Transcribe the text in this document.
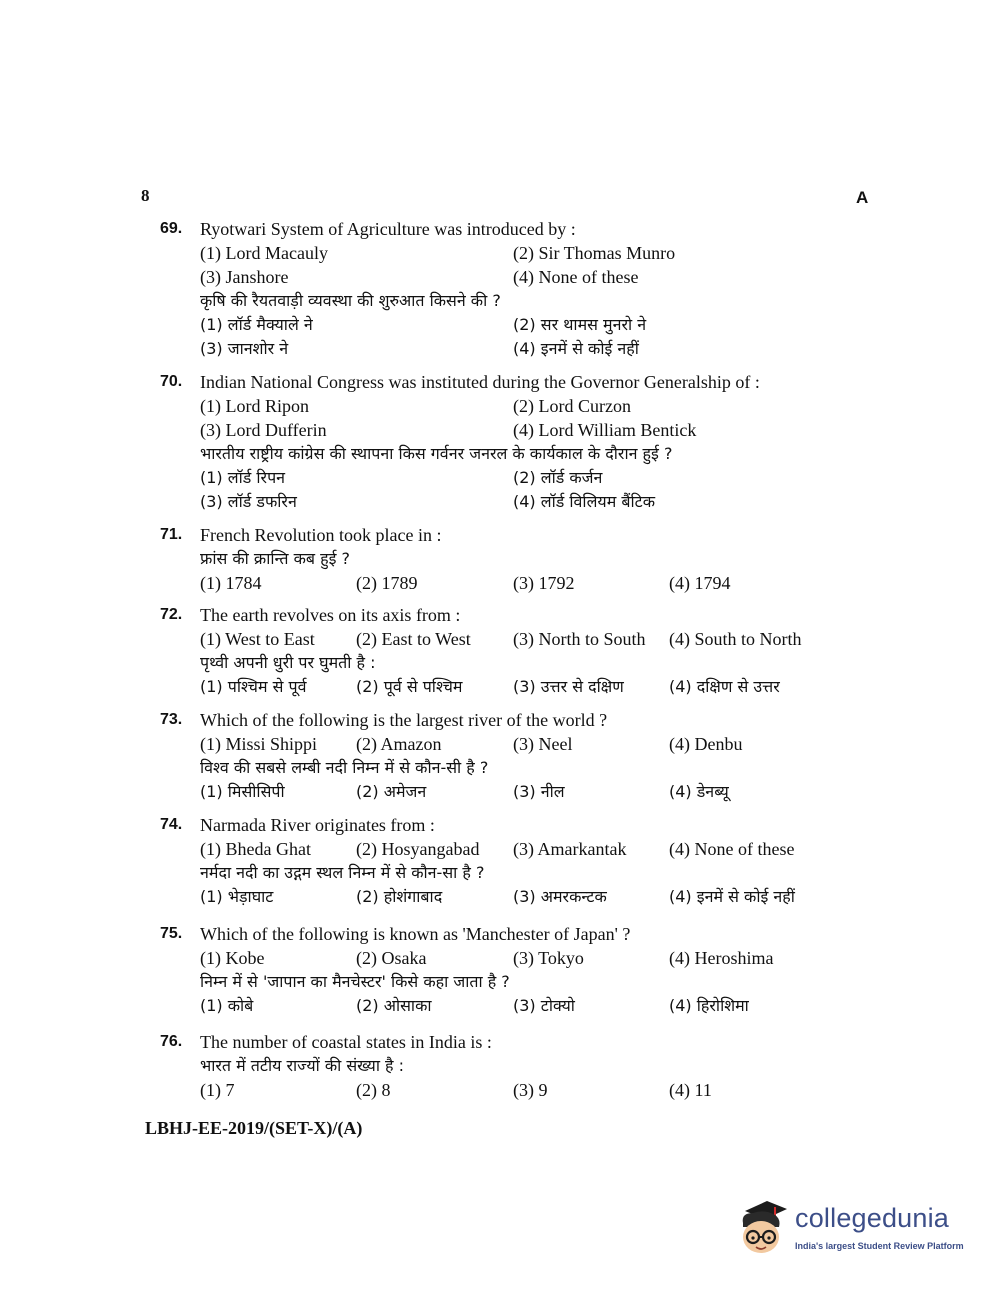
8	A
69. Ryotwari System of Agriculture was introduced by :
(1) Lord Macauly	(2) Sir Thomas Munro
(3) Janshore	(4) None of these
कृषि की रैयतवाड़ी व्यवस्था की शुरुआत किसने की ?
(1) लॉर्ड मैक्याले ने	(2) सर थामस मुनरो ने
(3) जानशोर ने	(4) इनमें से कोई नहीं
70. Indian National Congress was instituted during the Governor Generalship of :
(1) Lord Ripon	(2) Lord Curzon
(3) Lord Dufferin	(4) Lord William Bentick
भारतीय राष्ट्रीय कांग्रेस की स्थापना किस गर्वनर जनरल के कार्यकाल के दौरान हुई ?
(1) लॉर्ड रिपन	(2) लॉर्ड कर्जन
(3) लॉर्ड डफरिन	(4) लॉर्ड विलियम बैंटिक
71. French Revolution took place in :
फ्रांस की क्रान्ति कब हुई ?
(1) 1784	(2) 1789	(3) 1792	(4) 1794
72. The earth revolves on its axis from :
(1) West to East (2) East to West (3) North to South (4) South to North
पृथ्वी अपनी धुरी पर घुमती है :
(1) पश्चिम से पूर्व	(2) पूर्व से पश्चिम	(3) उत्तर से दक्षिण	(4) दक्षिण से उत्तर
73. Which of the following is the largest river of the world ?
(1) Missi Shippi (2) Amazon	(3) Neel	(4) Denbu
विश्व की सबसे लम्बी नदी निम्न में से कौन-सी है ?
(1) मिसीसिपी	(2) अमेजन	(3) नील	(4) डेनब्यू
74. Narmada River originates from :
(1) Bheda Ghat	(2) Hosyangabad (3) Amarkantak (4) None of these
नर्मदा नदी का उद्गम स्थल निम्न में से कौन-सा है ?
(1) भेड़ाघाट	(2) होशंगाबाद	(3) अमरकन्टक	(4) इनमें से कोई नहीं
75. Which of the following is known as 'Manchester of Japan' ?
(1) Kobe	(2) Osaka	(3) Tokyo	(4) Heroshima
निम्न में से 'जापान का मैनचेस्टर' किसे कहा जाता है ?
(1) कोबे	(2) ओसाका	(3) टोक्यो	(4) हिरोशिमा
76. The number of coastal states in India is :
भारत में तटीय राज्यों की संख्या है :
(1) 7	(2) 8	(3) 9	(4) 11
LBHJ-EE-2019/(SET-X)/(A)
collegedunia
India's largest Student Review Platform
